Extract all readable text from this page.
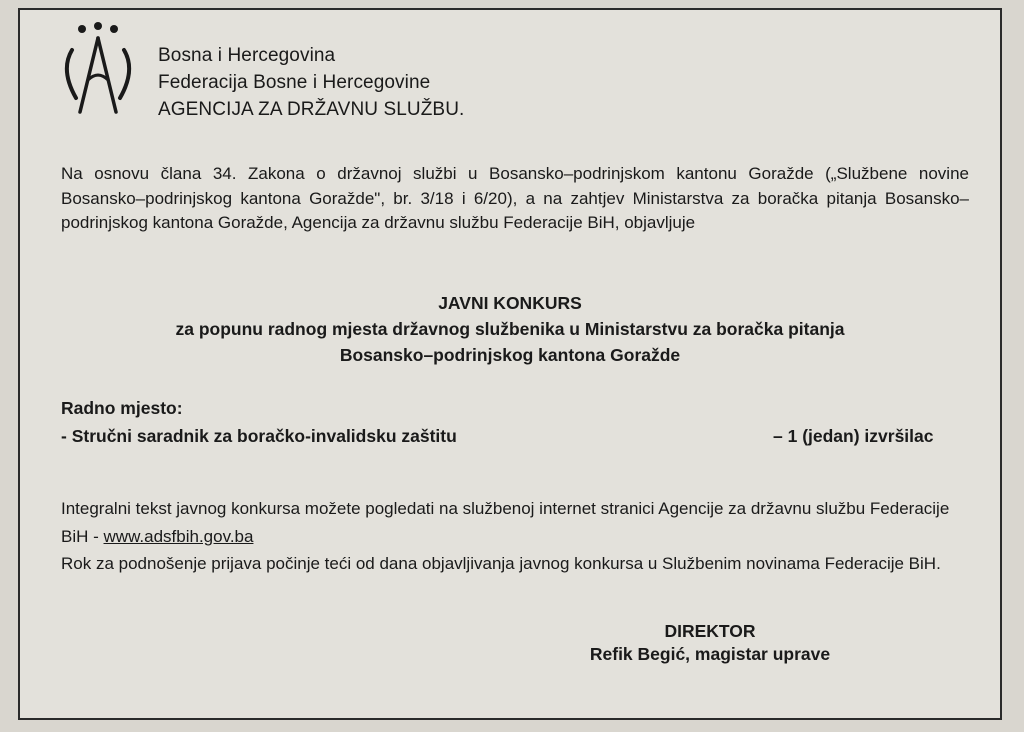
Bosna i Hercegovina
Federacija Bosne i Hercegovine
AGENCIJA ZA DRŽAVNU SLUŽBU.
Na osnovu člana 34. Zakona o državnoj službi u Bosansko–podrinjskom kantonu Goražde („Službene novine Bosansko–podrinjskog kantona Goražde", br. 3/18 i 6/20), a na zahtjev Ministarstva za boračka pitanja Bosansko–podrinjskog kantona Goražde, Agencija za državnu službu Federacije BiH, objavljuje
JAVNI KONKURS
za popunu radnog mjesta državnog službenika u Ministarstvu za boračka pitanja
Bosansko–podrinjskog kantona Goražde
Radno mjesto:
- Stručni saradnik za boračko-invalidsku zaštitu	– 1 (jedan) izvršilac
Integralni tekst javnog konkursa možete pogledati na službenoj internet stranici Agencije za državnu službu Federacije BiH - www.adsfbih.gov.ba
Rok za podnošenje prijava počinje teći od dana objavljivanja javnog konkursa u Službenim novinama Federacije BiH.
DIREKTOR
Refik Begić, magistar uprave
